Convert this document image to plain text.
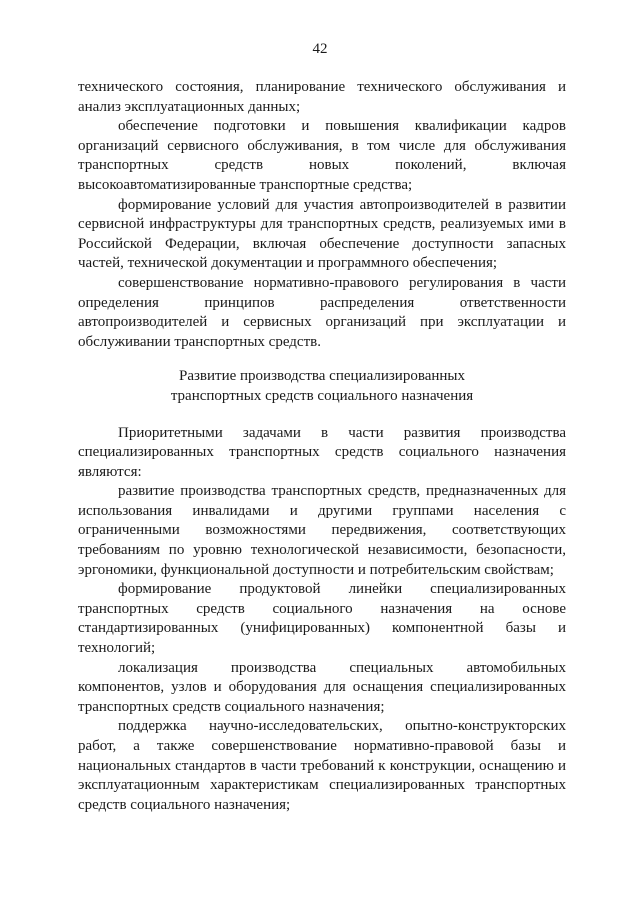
42

технического состояния, планирование технического обслуживания и анализ эксплуатационных данных;

обеспечение подготовки и повышения квалификации кадров организаций сервисного обслуживания, в том числе для обслуживания транспортных средств новых поколений, включая высокоавтоматизированные транспортные средства;

формирование условий для участия автопроизводителей в развитии сервисной инфраструктуры для транспортных средств, реализуемых ими в Российской Федерации, включая обеспечение доступности запасных частей, технической документации и программного обеспечения;

совершенствование нормативно-правового регулирования в части определения принципов распределения ответственности автопроизводителей и сервисных организаций при эксплуатации и обслуживании транспортных средств.

Развитие производства специализированных
транспортных средств социального назначения

Приоритетными задачами в части развития производства специализированных транспортных средств социального назначения являются:

развитие производства транспортных средств, предназначенных для использования инвалидами и другими группами населения с ограниченными возможностями передвижения, соответствующих требованиям по уровню технологической независимости, безопасности, эргономики, функциональной доступности и потребительским свойствам;

формирование продуктовой линейки специализированных транспортных средств социального назначения на основе стандартизированных (унифицированных) компонентной базы и технологий;

локализация производства специальных автомобильных компонентов, узлов и оборудования для оснащения специализированных транспортных средств социального назначения;

поддержка научно-исследовательских, опытно-конструкторских работ, а также совершенствование нормативно-правовой базы и национальных стандартов в части требований к конструкции, оснащению и эксплуатационным характеристикам специализированных транспортных средств социального назначения;
